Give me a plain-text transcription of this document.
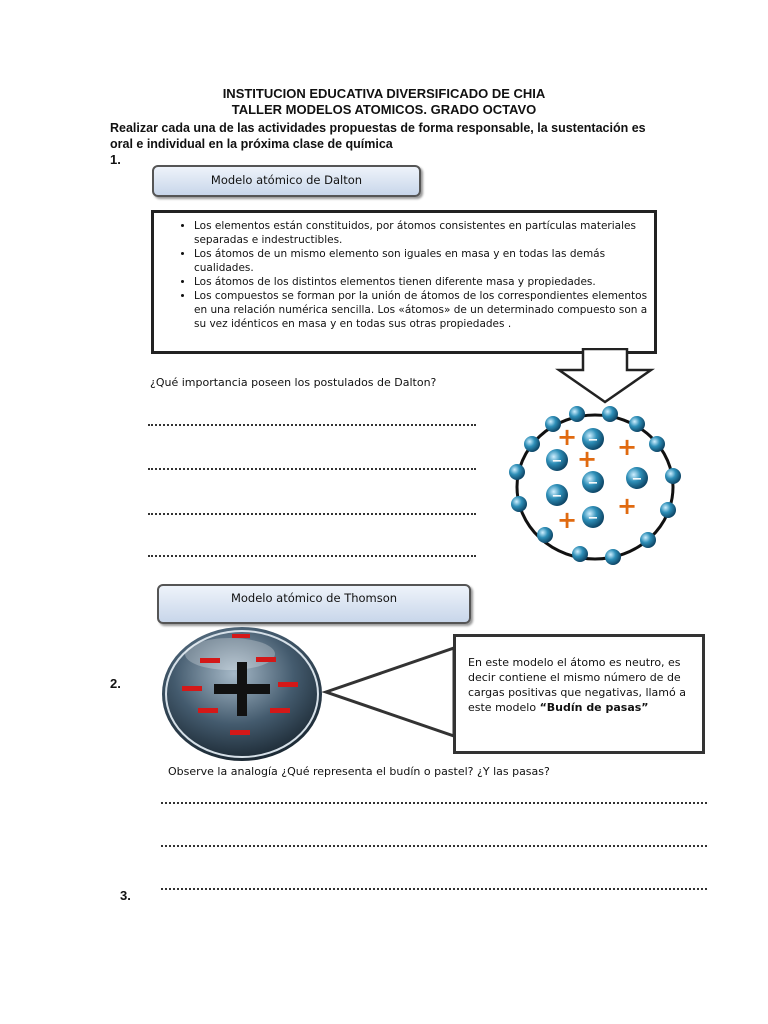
INSTITUCION EDUCATIVA DIVERSIFICADO DE CHIA
TALLER MODELOS ATOMICOS. GRADO OCTAVO
Realizar cada una de las actividades propuestas de forma responsable, la sustentación es oral e individual en la próxima clase de química
1.
Modelo atómico de Dalton
• Los elementos están constituidos, por átomos consistentes en partículas materiales separadas e indestructibles.
• Los átomos de un mismo elemento son iguales en masa y en todas las demás cualidades.
• Los átomos de los distintos elementos tienen diferente masa y propiedades.
• Los compuestos se forman por la unión de átomos de los correspondientes elementos en una relación numérica sencilla. Los «átomos» de un determinado compuesto son a su vez idénticos en masa y en todas sus otras propiedades .
¿Qué importancia poseen los postulados de Dalton?
−
−
−	−
−
−
+
+ +
+
+
Modelo atómico de Thomson
2.
En este modelo el átomo es neutro, es decir contiene el mismo número de de cargas positivas que negativas, llamó a este modelo “Budín de pasas”
Observe la analogía ¿Qué representa el budín o pastel? ¿Y las pasas?
3.
